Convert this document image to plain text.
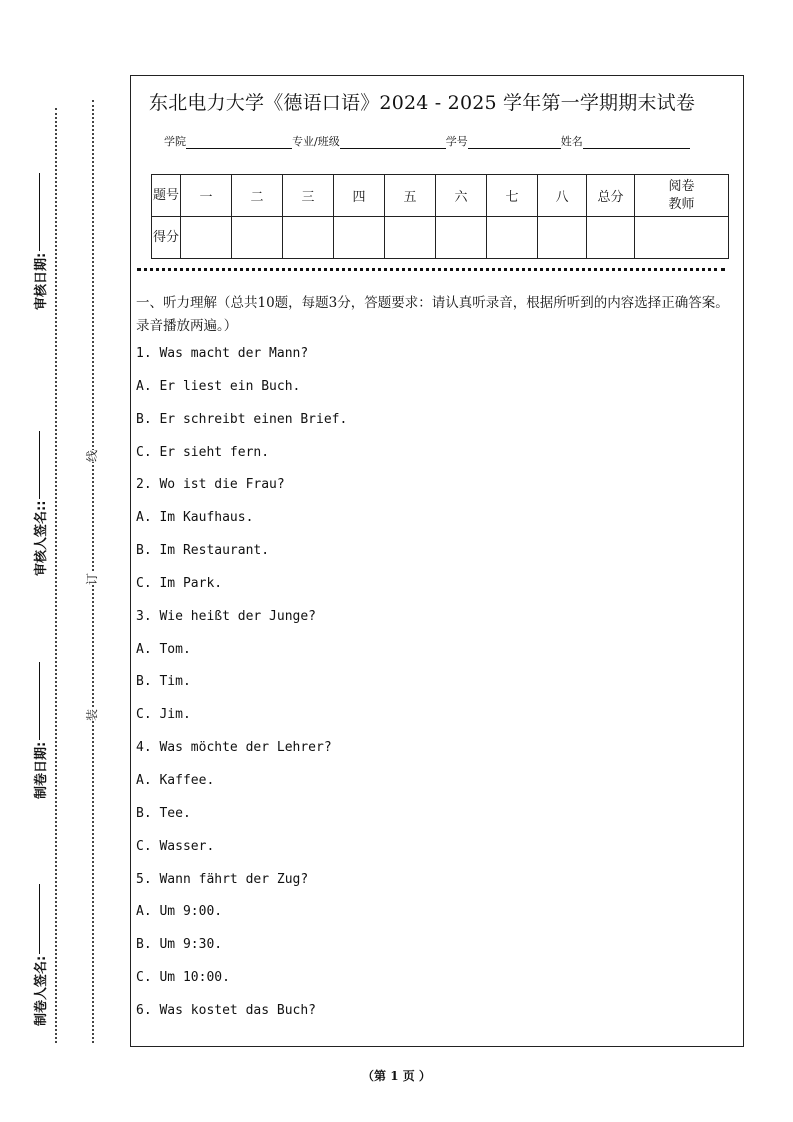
审核日期:
审核人签名::
制卷日期:
制卷人签名:
线
订
装
东北电力大学《德语口语》2024 - 2025 学年第一学期期末试卷
学院	专业/班级	学号	姓名
题号	一	二	三	四	五	六	七	八	总分	阅卷教师
得分										
一、听力理解（总共10题，每题3分，答题要求：请认真听录音，根据所听到的内容选择正确答案。录音播放两遍。）
1. Was macht der Mann?
A. Er liest ein Buch.
B. Er schreibt einen Brief.
C. Er sieht fern.
2. Wo ist die Frau?
A. Im Kaufhaus.
B. Im Restaurant.
C. Im Park.
3. Wie heißt der Junge?
A. Tom.
B. Tim.
C. Jim.
4. Was möchte der Lehrer?
A. Kaffee.
B. Tee.
C. Wasser.
5. Wann fährt der Zug?
A. Um 9:00.
B. Um 9:30.
C. Um 10:00.
6. Was kostet das Buch?
（第 1 页 ）
